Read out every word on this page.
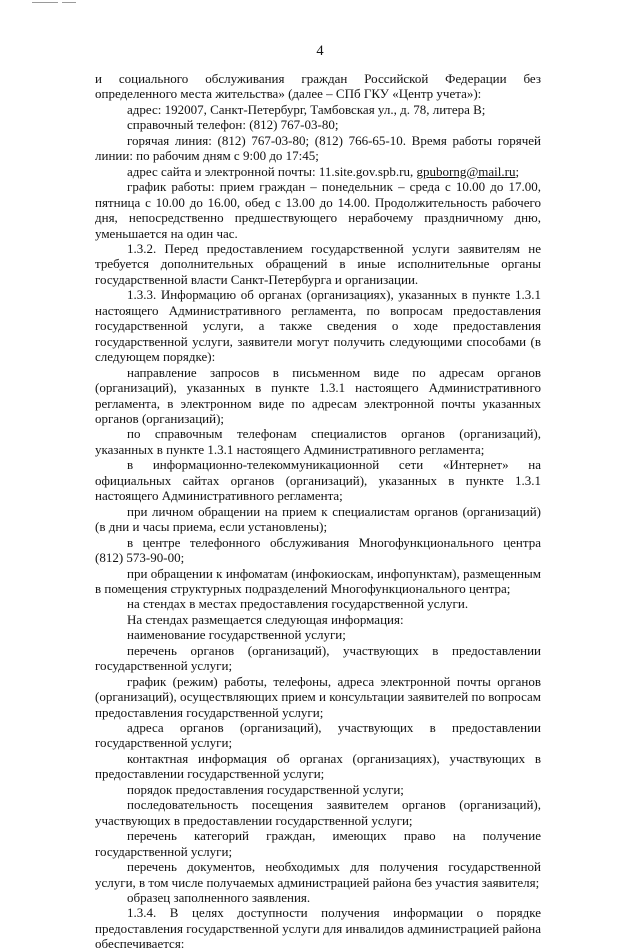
4

и социального обслуживания граждан Российской Федерации без определенного места жительства» (далее – СПб ГКУ «Центр учета»):

адрес: 192007, Санкт-Петербург, Тамбовская ул., д. 78, литера В;

справочный телефон: (812) 767-03-80;

горячая линия: (812) 767-03-80; (812) 766-65-10. Время работы горячей линии: по рабочим дням с 9:00 до 17:45;

адрес сайта и электронной почты: 11.site.gov.spb.ru, gpuborng@mail.ru;

график работы: прием граждан – понедельник – среда с 10.00 до 17.00, пятница с 10.00 до 16.00, обед с 13.00 до 14.00. Продолжительность рабочего дня, непосредственно предшествующего нерабочему праздничному дню, уменьшается на один час.

1.3.2. Перед предоставлением государственной услуги заявителям не требуется дополнительных обращений в иные исполнительные органы государственной власти Санкт-Петербурга и организации.

1.3.3. Информацию об органах (организациях), указанных в пункте 1.3.1 настоящего Административного регламента, по вопросам предоставления государственной услуги, а также сведения о ходе предоставления государственной услуги, заявители могут получить следующими способами (в следующем порядке):

направление запросов в письменном виде по адресам органов (организаций), указанных в пункте 1.3.1 настоящего Административного регламента, в электронном виде по адресам электронной почты указанных органов (организаций);

по справочным телефонам специалистов органов (организаций), указанных в пункте 1.3.1 настоящего Административного регламента;

в информационно-телекоммуникационной сети «Интернет» на официальных сайтах органов (организаций), указанных в пункте 1.3.1 настоящего Административного регламента;

при личном обращении на прием к специалистам органов (организаций) (в дни и часы приема, если установлены);

в центре телефонного обслуживания Многофункционального центра

(812) 573-90-00;

при обращении к инфоматам (инфокиоскам, инфопунктам), размещенным в помещения структурных подразделений Многофункционального центра;

на стендах в местах предоставления государственной услуги.

На стендах размещается следующая информация:

наименование государственной услуги;

перечень органов (организаций), участвующих в предоставлении государственной услуги;

график (режим) работы, телефоны, адреса электронной почты органов (организаций), осуществляющих прием и консультации заявителей по вопросам предоставления государственной услуги;

адреса органов (организаций), участвующих в предоставлении государственной услуги;

контактная информация об органах (организациях), участвующих в предоставлении государственной услуги;

порядок предоставления государственной услуги;

последовательность посещения заявителем органов (организаций), участвующих в предоставлении государственной услуги;

перечень категорий граждан, имеющих право на получение государственной услуги;

перечень документов, необходимых для получения государственной услуги, в том числе получаемых администрацией района без участия заявителя;

образец заполненного заявления.

1.3.4. В целях доступности получения информации о порядке предоставления государственной услуги для инвалидов администрацией района обеспечивается:
